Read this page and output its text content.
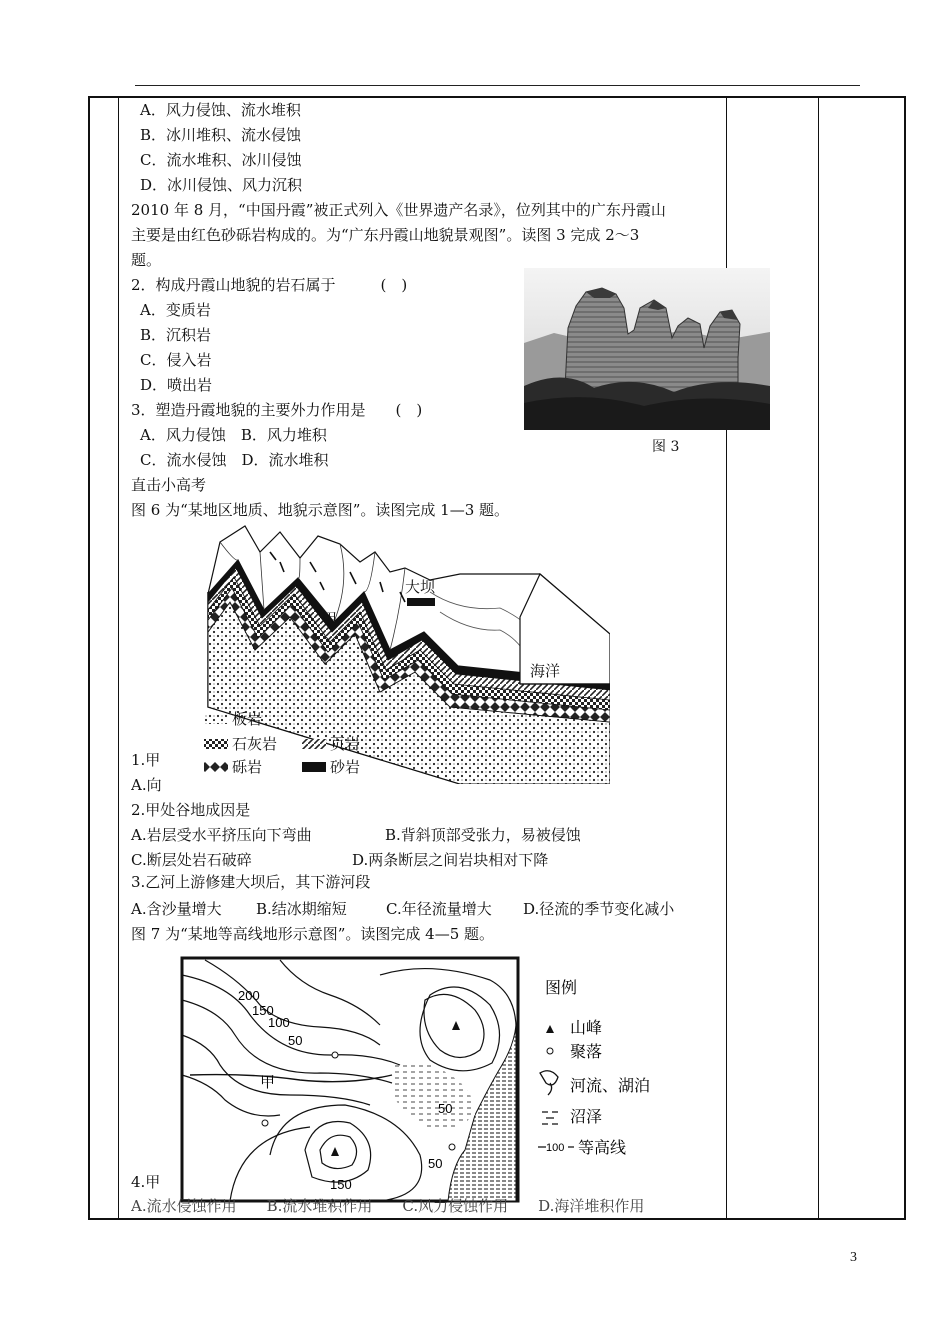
A．风力侵蚀、流水堆积
B．冰川堆积、流水侵蚀
C．流水堆积、冰川侵蚀
D．冰川侵蚀、风力沉积
2010 年 8 月，“中国丹霞”被正式列入《世界遗产名录》，位列其中的广东丹霞山
主要是由红色砂砾岩构成的。为“广东丹霞山地貌景观图”。读图 3 完成 2～3
题。
2．构成丹霞山地貌的岩石属于　　　(　)
A．变质岩
B．沉积岩
C．侵入岩
D．喷出岩
3．塑造丹霞地貌的主要外力作用是　　(　)
A．风力侵蚀　B．风力堆积
C．流水侵蚀　D．流水堆积
图 3
直击小高考
图 6 为“某地区地质、地貌示意图”。读图完成 1—3 题。
大坝
甲
海洋
板岩
石灰岩	页岩
砾岩	砂岩
1.甲
A.向
2.甲处谷地成因是
A.岩层受水平挤压向下弯曲	B.背斜顶部受张力，易被侵蚀
C.断层处岩石破碎	D.两条断层之间岩块相对下降
3.乙河上游修建大坝后，其下游河段
A.含沙量增大 B.结冰期缩短	C.年径流量增大 D.径流的季节变化减小
图 7 为“某地等高线地形示意图”。读图完成 4—5 题。
200
150
100
50
50
50
150
甲
图例
山峰
聚落
河流、湖泊
沼泽
100 等高线
4.甲
A.流水侵蚀作用　　B.流水堆积作用　　C.风力侵蚀作用　　D.海洋堆积作用
3
